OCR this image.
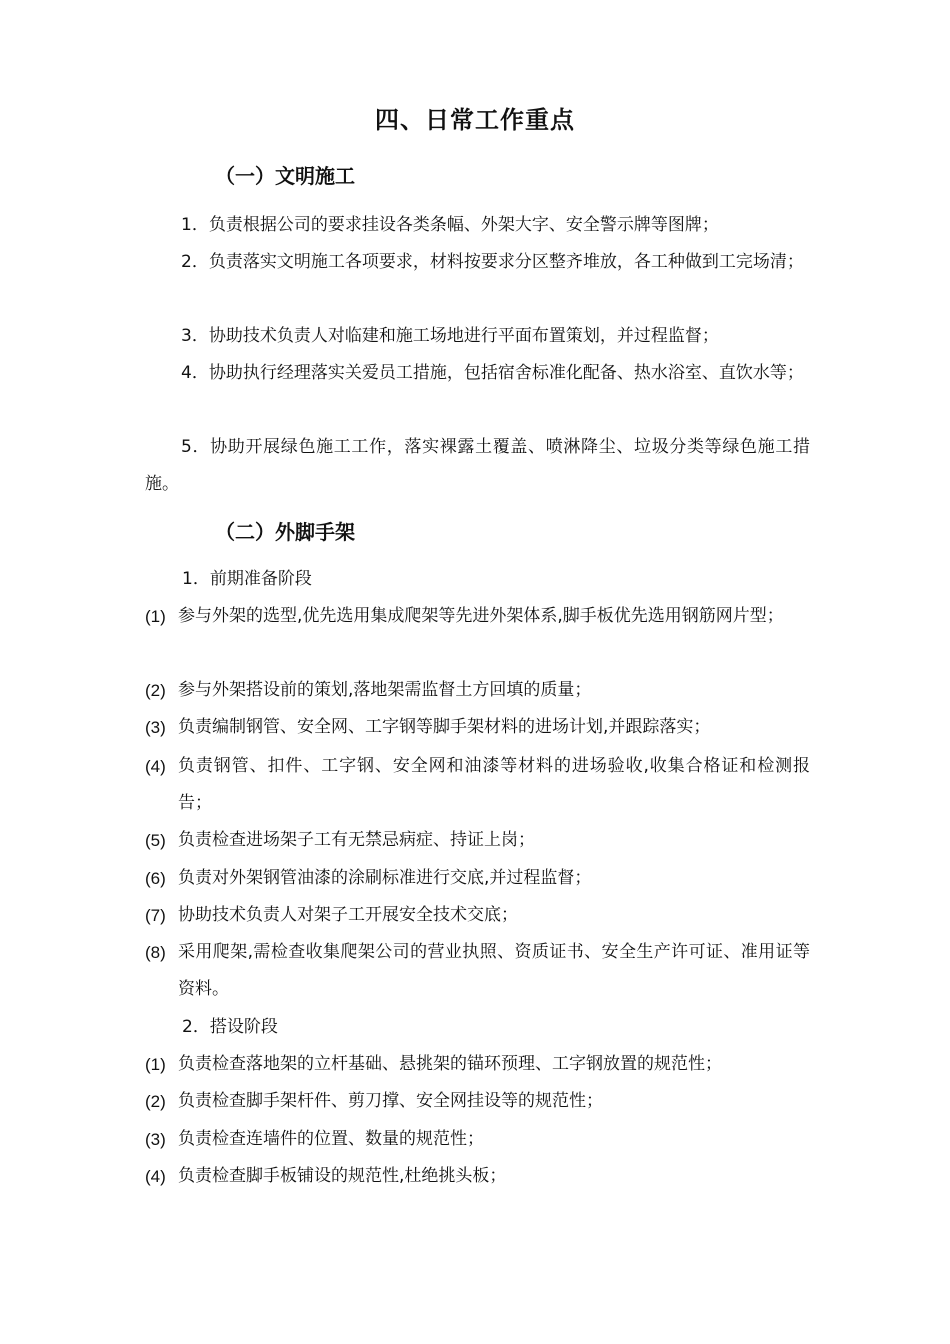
四、日常工作重点
（一）文明施工

1．负责根据公司的要求挂设各类条幅、外架大字、安全警示牌等图牌；

2．负责落实文明施工各项要求，材料按要求分区整齐堆放，各工种做到工完场清；

3．协助技术负责人对临建和施工场地进行平面布置策划，并过程监督；

4．协助执行经理落实关爱员工措施，包括宿舍标准化配备、热水浴室、直饮水等；

5．协助开展绿色施工工作，落实裸露土覆盖、喷淋降尘、垃圾分类等绿色施工措施。

（二）外脚手架
1．前期准备阶段
(1) 参与外架的选型,优先选用集成爬架等先进外架体系,脚手板优先选用钢筋网片型；
(2) 参与外架搭设前的策划,落地架需监督土方回填的质量；
(3) 负责编制钢管、安全网、工字钢等脚手架材料的进场计划,并跟踪落实；
(4) 负责钢管、扣件、工字钢、安全网和油漆等材料的进场验收,收集合格证和检测报告；
(5) 负责检查进场架子工有无禁忌病症、持证上岗；
(6) 负责对外架钢管油漆的涂刷标准进行交底,并过程监督；
(7) 协助技术负责人对架子工开展安全技术交底；
(8) 采用爬架,需检查收集爬架公司的营业执照、资质证书、安全生产许可证、准用证等资料。
2．搭设阶段
(1) 负责检查落地架的立杆基础、悬挑架的锚环预理、工字钢放置的规范性；
(2) 负责检查脚手架杆件、剪刀撑、安全网挂设等的规范性；
(3) 负责检查连墙件的位置、数量的规范性；
(4) 负责检查脚手板铺设的规范性,杜绝挑头板；
